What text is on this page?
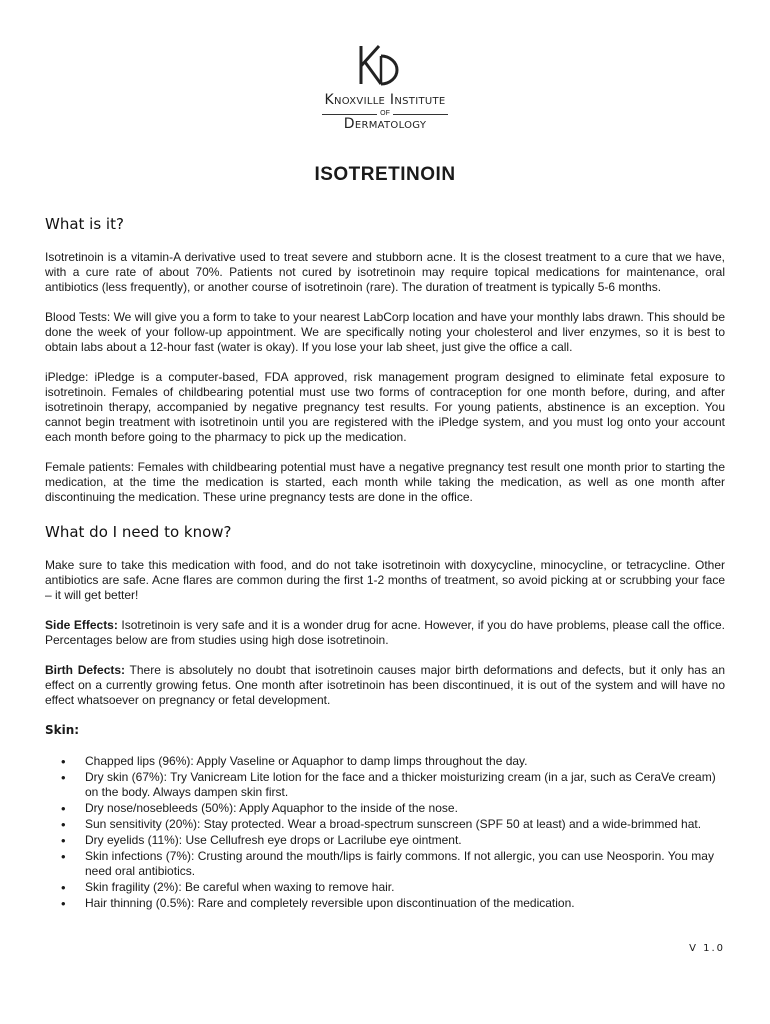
Knoxville Institute
OF
Dermatology
ISOTRETINOIN
What is it?

Isotretinoin is a vitamin-A derivative used to treat severe and stubborn acne. It is the closest treatment to a cure that we have, with a cure rate of about 70%. Patients not cured by isotretinoin may require topical medications for maintenance, oral antibiotics (less frequently), or another course of isotretinoin (rare). The duration of treatment is typically 5-6 months.

Blood Tests: We will give you a form to take to your nearest LabCorp location and have your monthly labs drawn. This should be done the week of your follow-up appointment. We are specifically noting your cholesterol and liver enzymes, so it is best to obtain labs about a 12-hour fast (water is okay). If you lose your lab sheet, just give the office a call.

iPledge: iPledge is a computer-based, FDA approved, risk management program designed to eliminate fetal exposure to isotretinoin. Females of childbearing potential must use two forms of contraception for one month before, during, and after isotretinoin therapy, accompanied by negative pregnancy test results. For young patients, abstinence is an exception. You cannot begin treatment with isotretinoin until you are registered with the iPledge system, and you must log onto your account each month before going to the pharmacy to pick up the medication.

Female patients: Females with childbearing potential must have a negative pregnancy test result one month prior to starting the medication, at the time the medication is started, each month while taking the medication, as well as one month after discontinuing the medication. These urine pregnancy tests are done in the office.

What do I need to know?

Make sure to take this medication with food, and do not take isotretinoin with doxycycline, minocycline, or tetracycline. Other antibiotics are safe. Acne flares are common during the first 1-2 months of treatment, so avoid picking at or scrubbing your face – it will get better!

Side Effects: Isotretinoin is very safe and it is a wonder drug for acne. However, if you do have problems, please call the office. Percentages below are from studies using high dose isotretinoin.

Birth Defects: There is absolutely no doubt that isotretinoin causes major birth deformations and defects, but it only has an effect on a currently growing fetus. One month after isotretinoin has been discontinued, it is out of the system and will have no effect whatsoever on pregnancy or fetal development.

Skin:
• Chapped lips (96%): Apply Vaseline or Aquaphor to damp limps throughout the day.
• Dry skin (67%): Try Vanicream Lite lotion for the face and a thicker moisturizing cream (in a jar, such as CeraVe cream) on the body. Always dampen skin first.
• Dry nose/nosebleeds (50%): Apply Aquaphor to the inside of the nose.
• Sun sensitivity (20%): Stay protected. Wear a broad-spectrum sunscreen (SPF 50 at least) and a wide-brimmed hat.
• Dry eyelids (11%): Use Cellufresh eye drops or Lacrilube eye ointment.
• Skin infections (7%): Crusting around the mouth/lips is fairly commons. If not allergic, you can use Neosporin. You may need oral antibiotics.
• Skin fragility (2%): Be careful when waxing to remove hair.
• Hair thinning (0.5%): Rare and completely reversible upon discontinuation of the medication.
V 1.0
